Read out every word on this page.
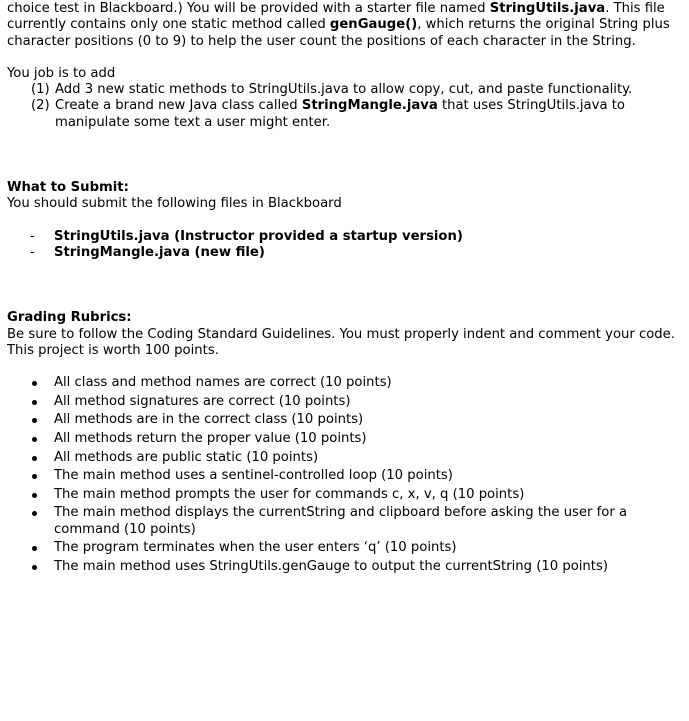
choice test in Blackboard.) You will be provided with a starter file named StringUtils.java. This file currently contains only one static method called genGauge(), which returns the original String plus character positions (0 to 9) to help the user count the positions of each character in the String.

You job is to add

(1) Add 3 new static methods to StringUtils.java to allow copy, cut, and paste functionality.
(2) Create a brand new Java class called StringMangle.java that uses StringUtils.java to manipulate some text a user might enter.

What to Submit:

You should submit the following files in Blackboard

- StringUtils.java (Instructor provided a startup version)
- StringMangle.java (new file)

Grading Rubrics:

Be sure to follow the Coding Standard Guidelines. You must properly indent and comment your code. This project is worth 100 points.

All class and method names are correct (10 points)
All method signatures are correct (10 points)
All methods are in the correct class (10 points)
All methods return the proper value (10 points)
All methods are public static (10 points)
The main method uses a sentinel-controlled loop (10 points)
The main method prompts the user for commands c, x, v, q (10 points)
The main method displays the currentString and clipboard before asking the user for a command (10 points)
The program terminates when the user enters ‘q’ (10 points)
The main method uses StringUtils.genGauge to output the currentString (10 points)
